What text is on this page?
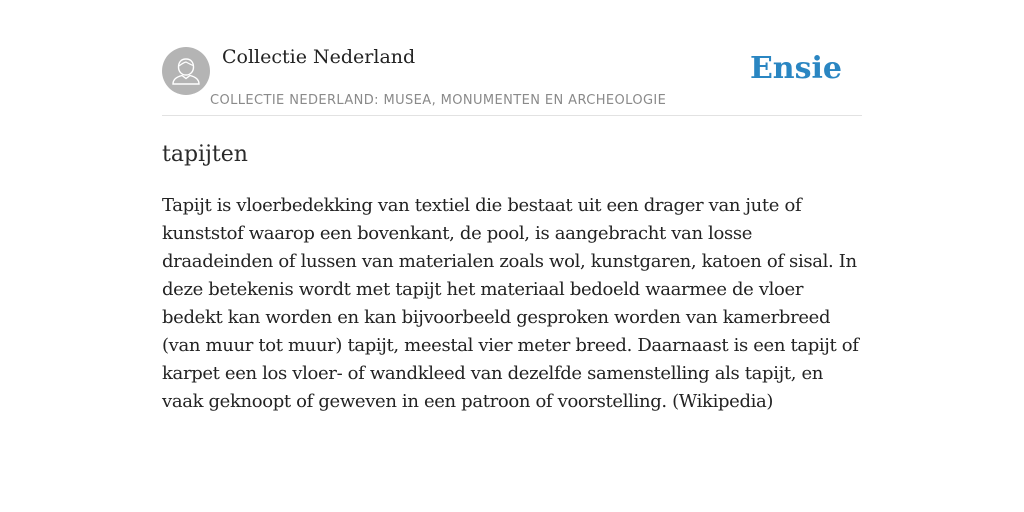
Collectie Nederland
COLLECTIE NEDERLAND: MUSEA, MONUMENTEN EN ARCHEOLOGIE
Ensie
tapijten

Tapijt is vloerbedekking van textiel die bestaat uit een drager van jute of kunststof waarop een bovenkant, de pool, is aangebracht van losse draadeinden of lussen van materialen zoals wol, kunstgaren, katoen of sisal. In deze betekenis wordt met tapijt het materiaal bedoeld waarmee de vloer bedekt kan worden en kan bijvoorbeeld gesproken worden van kamerbreed (van muur tot muur) tapijt, meestal vier meter breed. Daarnaast is een tapijt of karpet een los vloer- of wandkleed van dezelfde samenstelling als tapijt, en vaak geknoopt of geweven in een patroon of voorstelling. (Wikipedia)
